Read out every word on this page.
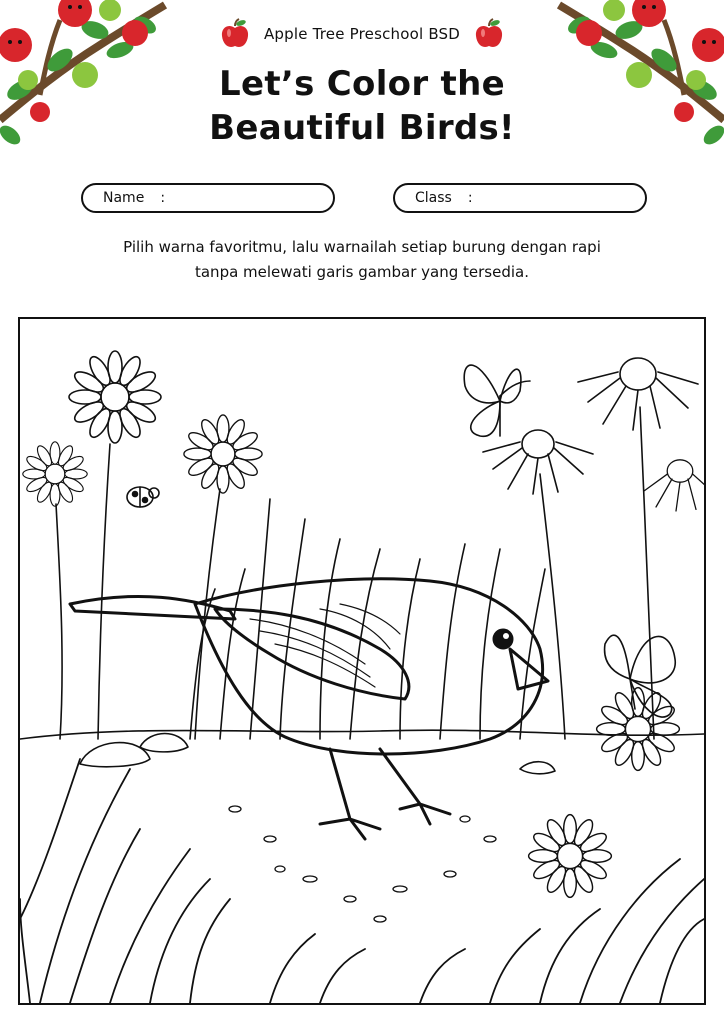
Apple Tree Preschool BSD
Let’s Color the
Beautiful Birds!
Name :	Class :
Pilih warna favoritmu, lalu warnailah setiap burung dengan rapi
tanpa melewati garis gambar yang tersedia.
